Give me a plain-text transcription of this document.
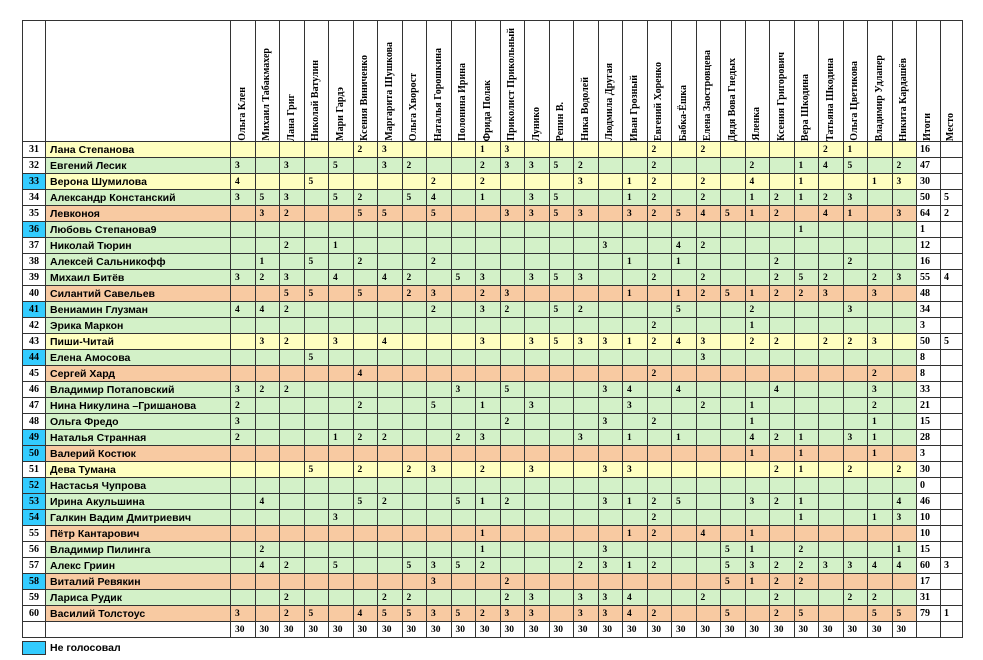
		Ольга Клен	Михаил Табакмахер	Лана Григ	Николай Ватулин	Мари Гардэ	Ксения Виниченко	Маргарита Шушкова	Ольга Хворост	Наталья Горошкина	Полонина Ирина	Фрида Полак	Приколист Прикольный	Лунико	Репин В.	Ника Водолей	Людмила Другая	Иван Грозный	Евгений Хоренко	Бабка-Ёшка	Елена Заостровцева	Дядя Вова Гнедых	Яленка	Ксения Григорович	Вера Шкодина	Татьяна Шкодина	Ольга Цветикова	Владимир Удлапер	Никита Кардашёв	Итоги	Место

31	Лана Степанова						2	3				1	3						2		2					2	1			16	
32	Евгений Лесик	3		3		5		3	2			2	3	3	5	2			2				2		1	4	5		2	47	
33	Верона Шумилова	4			5					2		2				3		1	2		2		4		1			1	3	30	
34	Александр Констанский	3	5	3		5	2		5	4		1		3	5			1	2		2		1	2	1	2	3			50	5
35	Левконоя		3	2			5	5		5			3	3	5	3		3	2	5	4	5	1	2		4	1		3	64	2
36	Любовь Степанова9																								1					1	
37	Николай Тюрин			2		1											3			4	2									12	
38	Алексей Сальникофф		1		5		2			2								1		1				2			2			16	
39	Михаил Битёв	3	2	3		4		4	2		5	3		3	5	3			2		2			2	5	2		2	3	55	4
40	Силантий Савельев			5	5		5		2	3		2	3					1		1	2	5	1	2	2	3		3		48	
41	Вениамин Глузман	4	4	2						2		3	2		5	2				5			2				3			34	
42	Эрика Маркон																		2				1							3	
43	Пиши-Читай		3	2		3		4				3		3	5	3	3	1	2	4	3		2	2		2	2	3		50	5
44	Елена Амосова				5																3									8	
45	Сергей Хард						4												2									2		8	
46	Владимир Потаповский	3	2	2							3		5				3	4		4				4				3		33	
47	Нина Никулина –Гришанова	2					2			5		1		3				3			2		1					2		21	
48	Ольга Фредо	3											2				3		2				1					1		15	
49	Наталья Странная	2				1	2	2			2	3				3		1		1			4	2	1		3	1		28	
50	Валерий Костюк																						1		1			1		3	
51	Дева Тумана				5		2		2	3		2		3			3	3						2	1		2		2	30	
52	Настасья Чупрова																													0	
53	Ирина Акульшина		4				5	2			5	1	2				3	1	2	5			3	2	1				4	46	
54	Галкин Вадим Дмитриевич					3													2						1			1	3	10	
55	Пётр Кантарович											1						1	2		4		1							10	
56	Владимир Пилингa		2									1					3					5	1		2				1	15	
57	Алекс Гриин		4	2		5			5	3	5	2				2	3	1	2			5	3	2	2	3	3	4	4	60	3
58	Виталий Ревякин									3			2									5	1	2	2					17	
59	Лариса Рудик			2				2	2				2	3		3	3	4			2			2			2	2		31	
60	Василий Толстоус	3		2	5		4	5	5	3	5	2	3	3		3	3	4	2			5		2	5			5	5	79	1
		30	30	30	30	30	30	30	30	30	30	30	30	30	30	30	30	30	30	30	30	30	30	30	30	30	30	30	30		
Не голосовал
